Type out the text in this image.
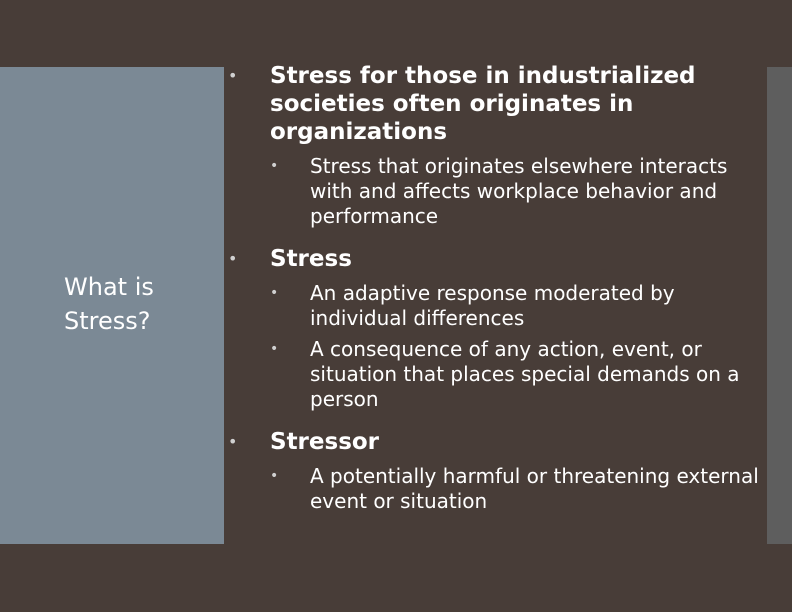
What is Stress?
• Stress for those in industrialized societies often originates in organizations
• Stress that originates elsewhere interacts with and affects workplace behavior and performance
• Stress
• An adaptive response moderated by individual differences
• A consequence of any action, event, or situation that places special demands on a person
• Stressor
• A potentially harmful or threatening external event or situation
